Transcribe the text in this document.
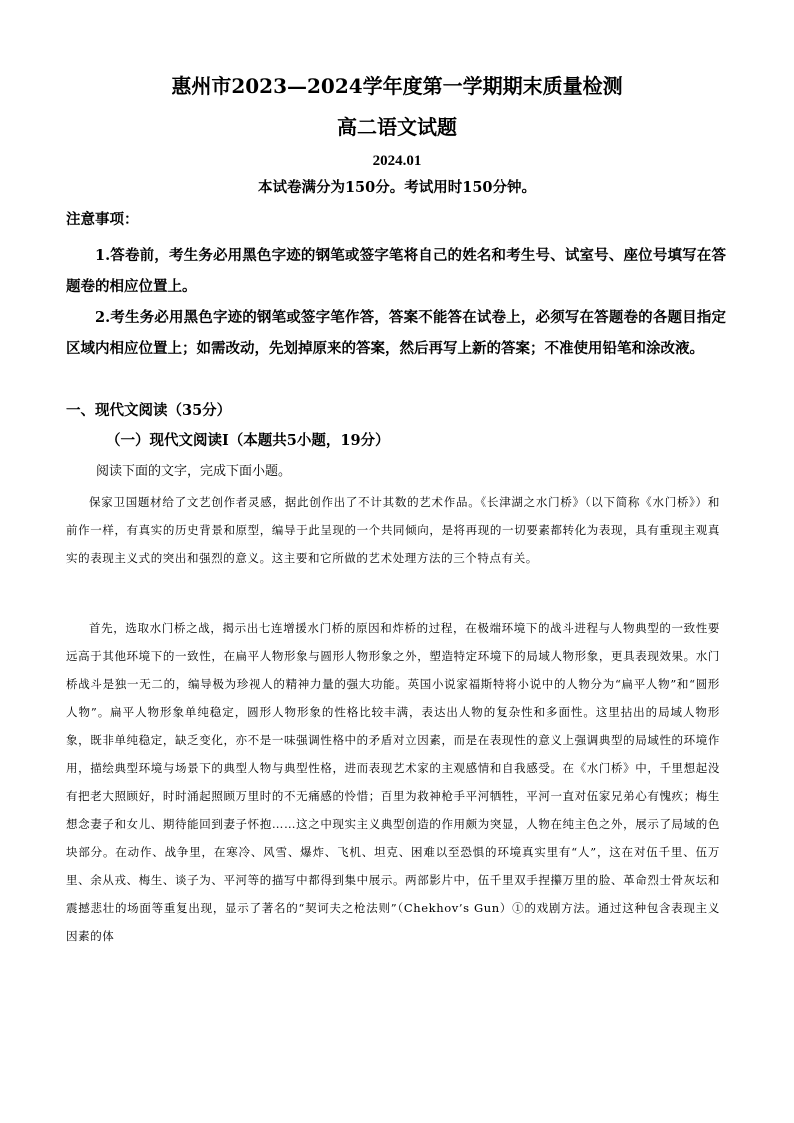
惠州市2023—2024学年度第一学期期末质量检测
高二语文试题
2024.01
本试卷满分为150分。考试用时150分钟。
注意事项：
1.答卷前，考生务必用黑色字迹的钢笔或签字笔将自己的姓名和考生号、试室号、座位号填写在答题卷的相应位置上。
2.考生务必用黑色字迹的钢笔或签字笔作答，答案不能答在试卷上，必须写在答题卷的各题目指定区域内相应位置上；如需改动，先划掉原来的答案，然后再写上新的答案；不准使用铅笔和涂改液。
一、现代文阅读（35分）
（一）现代文阅读Ⅰ（本题共5小题，19分）
阅读下面的文字，完成下面小题。
保家卫国题材给了文艺创作者灵感，据此创作出了不计其数的艺术作品。《长津湖之水门桥》（以下简称《水门桥》）和前作一样，有真实的历史背景和原型，编导于此呈现的一个共同倾向，是将再现的一切要素都转化为表现，具有重现主观真实的表现主义式的突出和强烈的意义。这主要和它所做的艺术处理方法的三个特点有关。
首先，选取水门桥之战，揭示出七连增援水门桥的原因和炸桥的过程，在极端环境下的战斗进程与人物典型的一致性要远高于其他环境下的一致性，在扁平人物形象与圆形人物形象之外，塑造特定环境下的局域人物形象，更具表现效果。水门桥战斗是独一无二的，编导极为珍视人的精神力量的强大功能。英国小说家福斯特将小说中的人物分为“扁平人物”和“圆形人物”。扁平人物形象单纯稳定，圆形人物形象的性格比较丰满，表达出人物的复杂性和多面性。这里拈出的局域人物形象，既非单纯稳定，缺乏变化，亦不是一味强调性格中的矛盾对立因素，而是在表现性的意义上强调典型的局域性的环境作用，描绘典型环境与场景下的典型人物与典型性格，进而表现艺术家的主观感情和自我感受。在《水门桥》中，千里想起没有把老大照顾好，时时涌起照顾万里时的不无痛感的怜惜；百里为救神枪手平河牺牲，平河一直对伍家兄弟心有愧疚；梅生想念妻子和女儿、期待能回到妻子怀抱……这之中现实主义典型创造的作用颇为突显，人物在纯主色之外，展示了局域的色块部分。在动作、战争里，在寒冷、风雪、爆炸、飞机、坦克、困难以至恐惧的环境真实里有“人”，这在对伍千里、伍万里、余从戎、梅生、谈子为、平河等的描写中都得到集中展示。两部影片中，伍千里双手捏攥万里的脸、革命烈士骨灰坛和震撼悲壮的场面等重复出现，显示了著名的“契诃夫之枪法则”（Chekhov’s Gun）①的戏剧方法。通过这种包含表现主义因素的体
